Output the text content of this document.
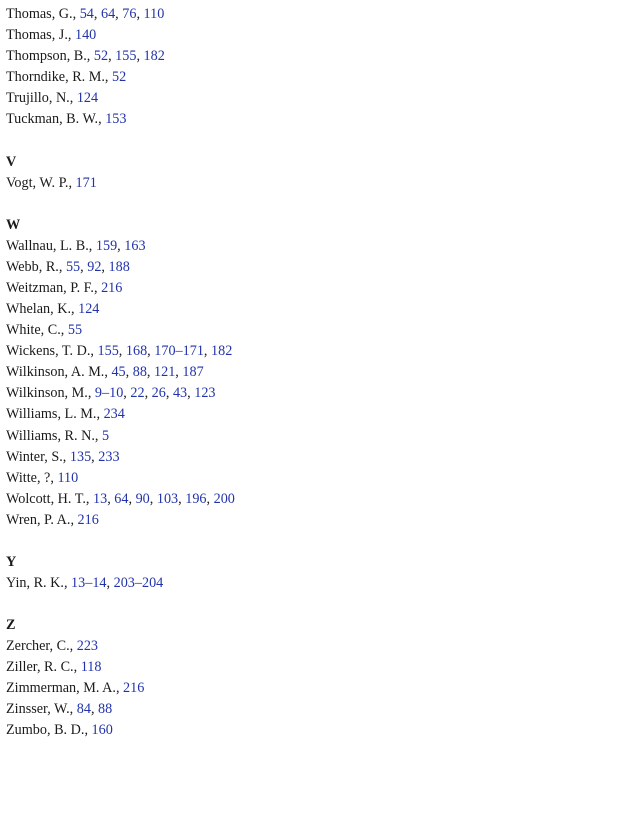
Thomas, G., 54, 64, 76, 110
Thomas, J., 140
Thompson, B., 52, 155, 182
Thorndike, R. M., 52
Trujillo, N., 124
Tuckman, B. W., 153
V
Vogt, W. P., 171
W
Wallnau, L. B., 159, 163
Webb, R., 55, 92, 188
Weitzman, P. F., 216
Whelan, K., 124
White, C., 55
Wickens, T. D., 155, 168, 170–171, 182
Wilkinson, A. M., 45, 88, 121, 187
Wilkinson, M., 9–10, 22, 26, 43, 123
Williams, L. M., 234
Williams, R. N., 5
Winter, S., 135, 233
Witte, ?, 110
Wolcott, H. T., 13, 64, 90, 103, 196, 200
Wren, P. A., 216
Y
Yin, R. K., 13–14, 203–204
Z
Zercher, C., 223
Ziller, R. C., 118
Zimmerman, M. A., 216
Zinsser, W., 84, 88
Zumbo, B. D., 160
